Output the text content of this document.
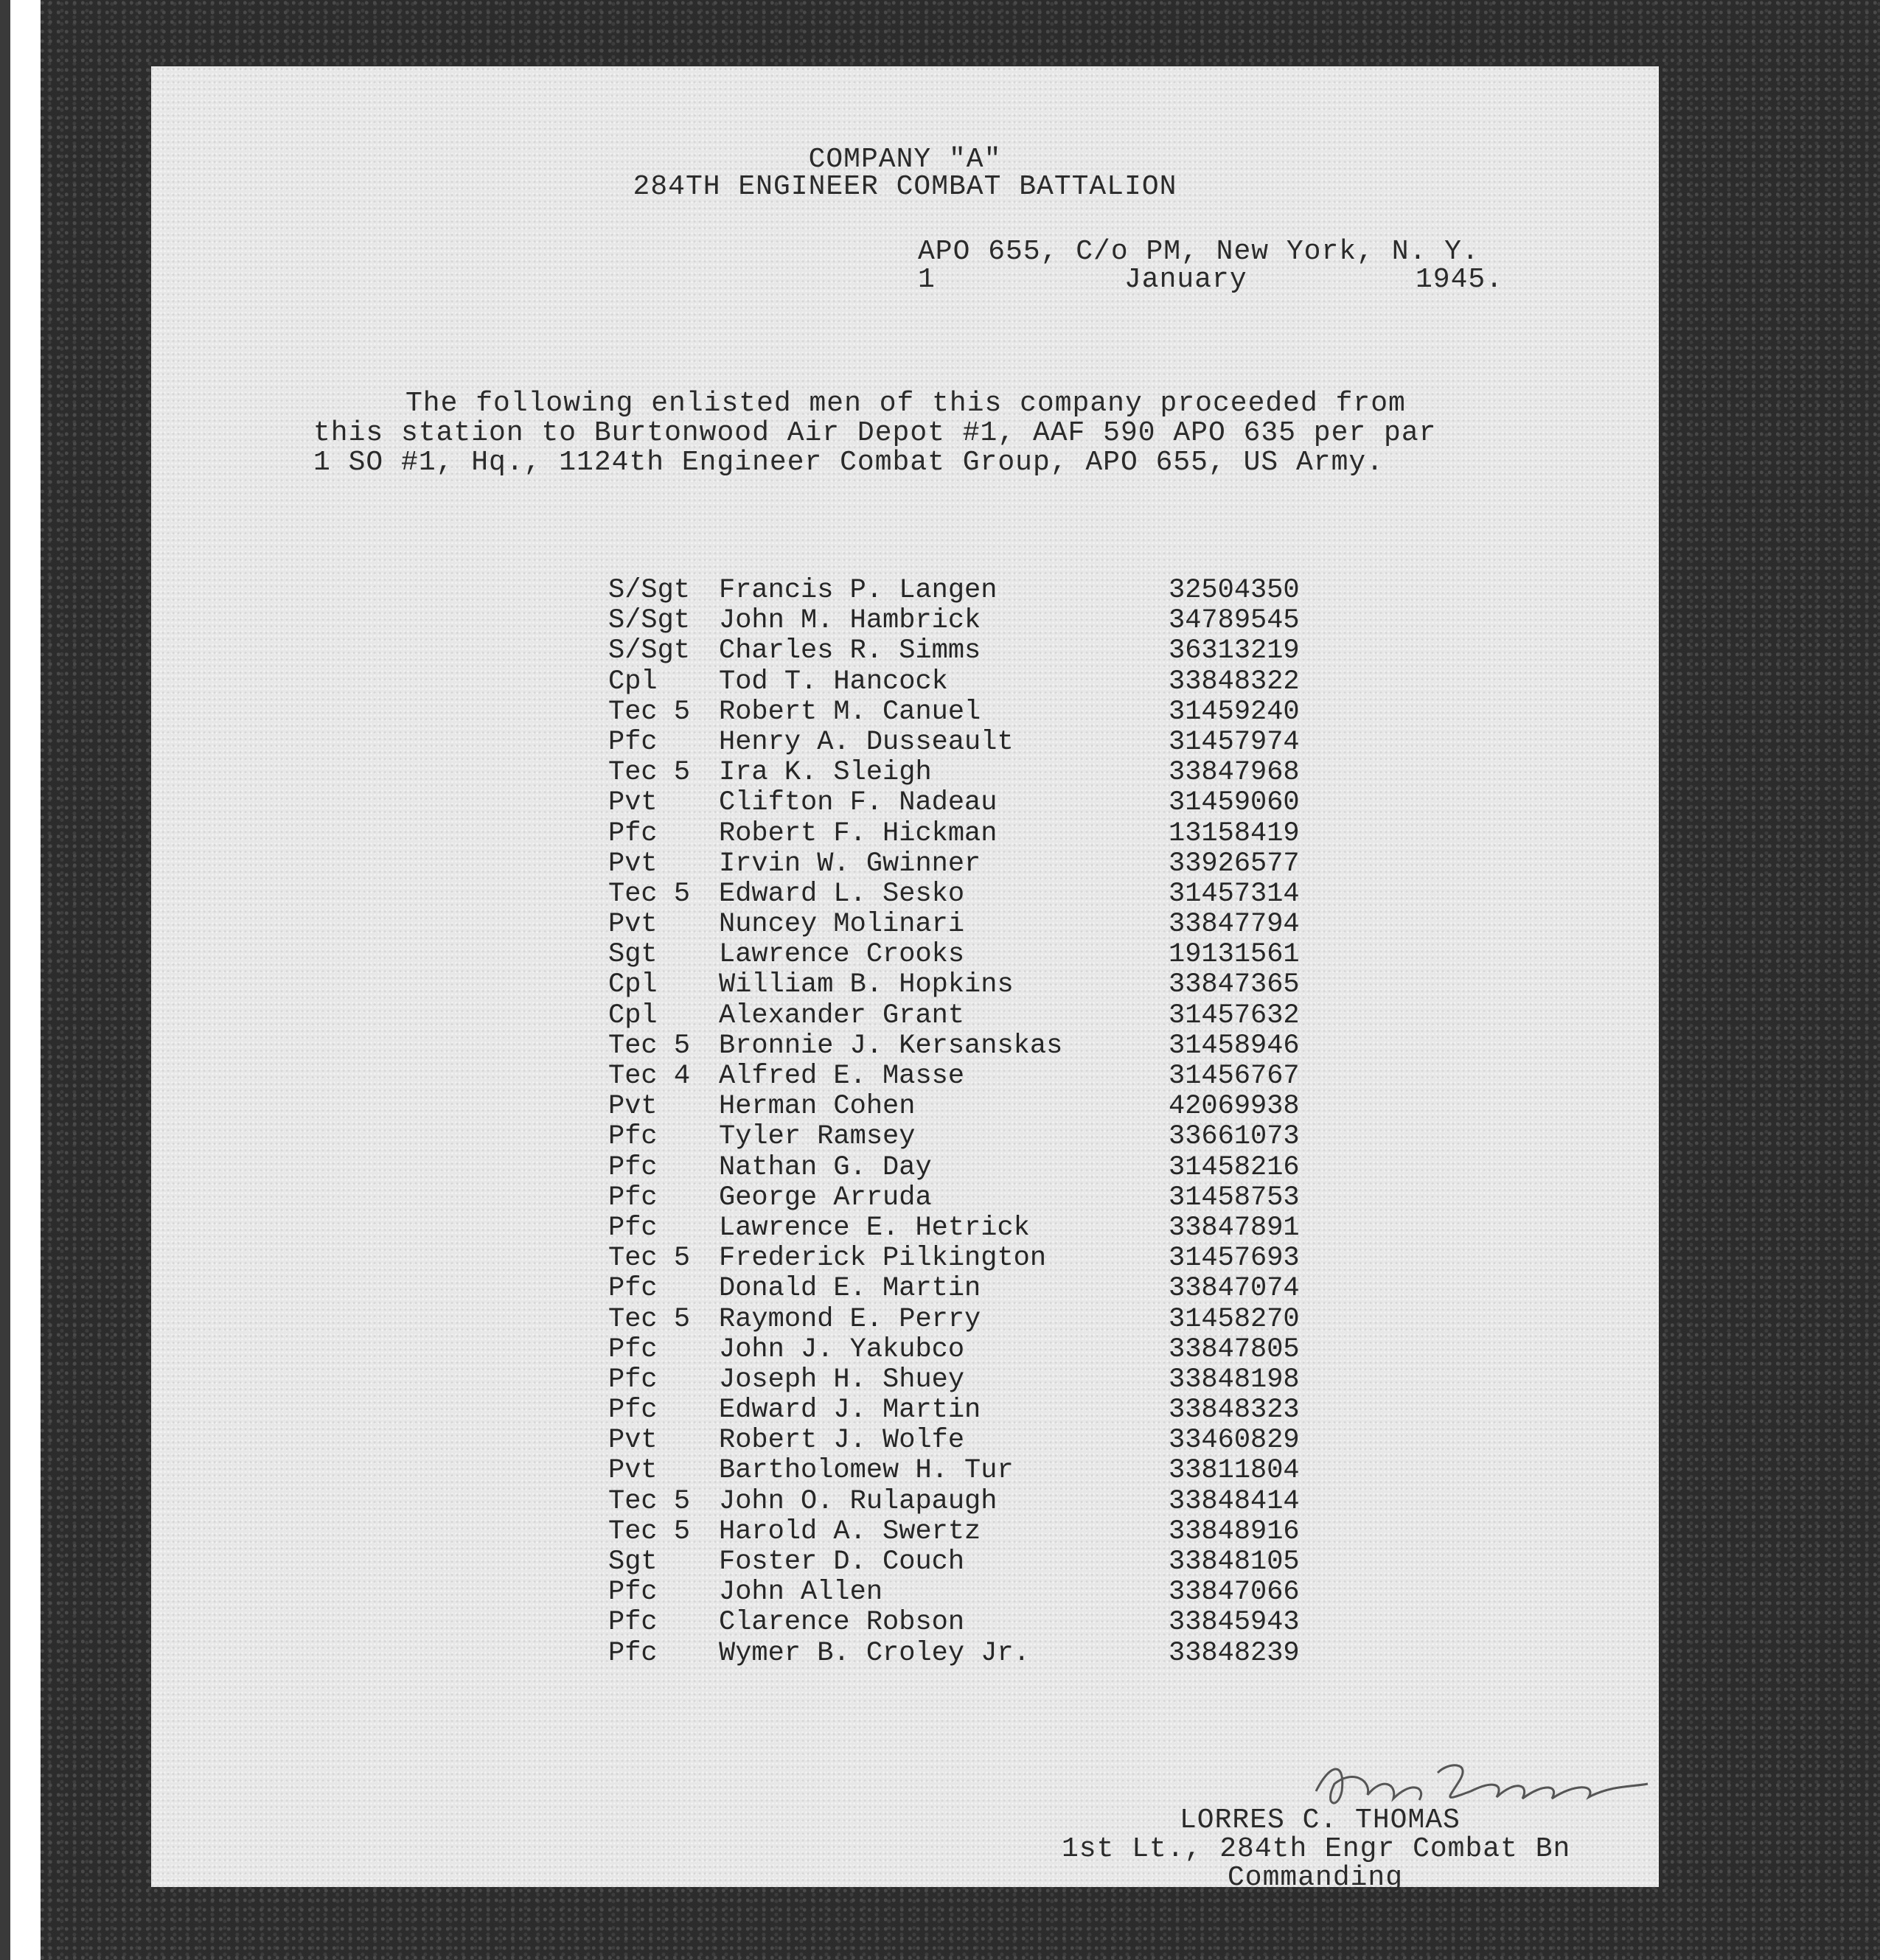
COMPANY "A"
284TH ENGINEER COMBAT BATTALION
APO 655, C/o PM, New York, N. Y.
1	January	1945.
The following enlisted men of this company proceeded from
this station to Burtonwood Air Depot #1, AAF 590 APO 635 per par
1 SO #1, Hq., 1124th Engineer Combat Group, APO 655, US Army.
S/Sgt Francis P. Langen	32504350
S/Sgt John M. Hambrick	34789545
S/Sgt Charles R. Simms	36313219
Cpl Tod T. Hancock	33848322
Tec 5 Robert M. Canuel	31459240
Pfc Henry A. Dusseault	31457974
Tec 5 Ira K. Sleigh	33847968
Pvt Clifton F. Nadeau	31459060
Pfc Robert F. Hickman	13158419
Pvt Irvin W. Gwinner	33926577
Tec 5 Edward L. Sesko	31457314
Pvt Nuncey Molinari	33847794
Sgt Lawrence Crooks	19131561
Cpl William B. Hopkins	33847365
Cpl Alexander Grant	31457632
Tec 5 Bronnie J. Kersanskas	31458946
Tec 4 Alfred E. Masse	31456767
Pvt Herman Cohen	42069938
Pfc Tyler Ramsey	33661073
Pfc Nathan G. Day	31458216
Pfc George Arruda	31458753
Pfc Lawrence E. Hetrick	33847891
Tec 5 Frederick Pilkington	31457693
Pfc Donald E. Martin	33847074
Tec 5 Raymond E. Perry	31458270
Pfc John J. Yakubco	33847805
Pfc Joseph H. Shuey	33848198
Pfc Edward J. Martin	33848323
Pvt Robert J. Wolfe	33460829
Pvt Bartholomew H. Tur	33811804
Tec 5 John O. Rulapaugh	33848414
Tec 5 Harold A. Swertz	33848916
Sgt Foster D. Couch	33848105
Pfc John Allen	33847066
Pfc Clarence Robson	33845943
Pfc Wymer B. Croley Jr.	33848239
LORRES C. THOMAS
1st Lt., 284th Engr Combat Bn
Commanding
